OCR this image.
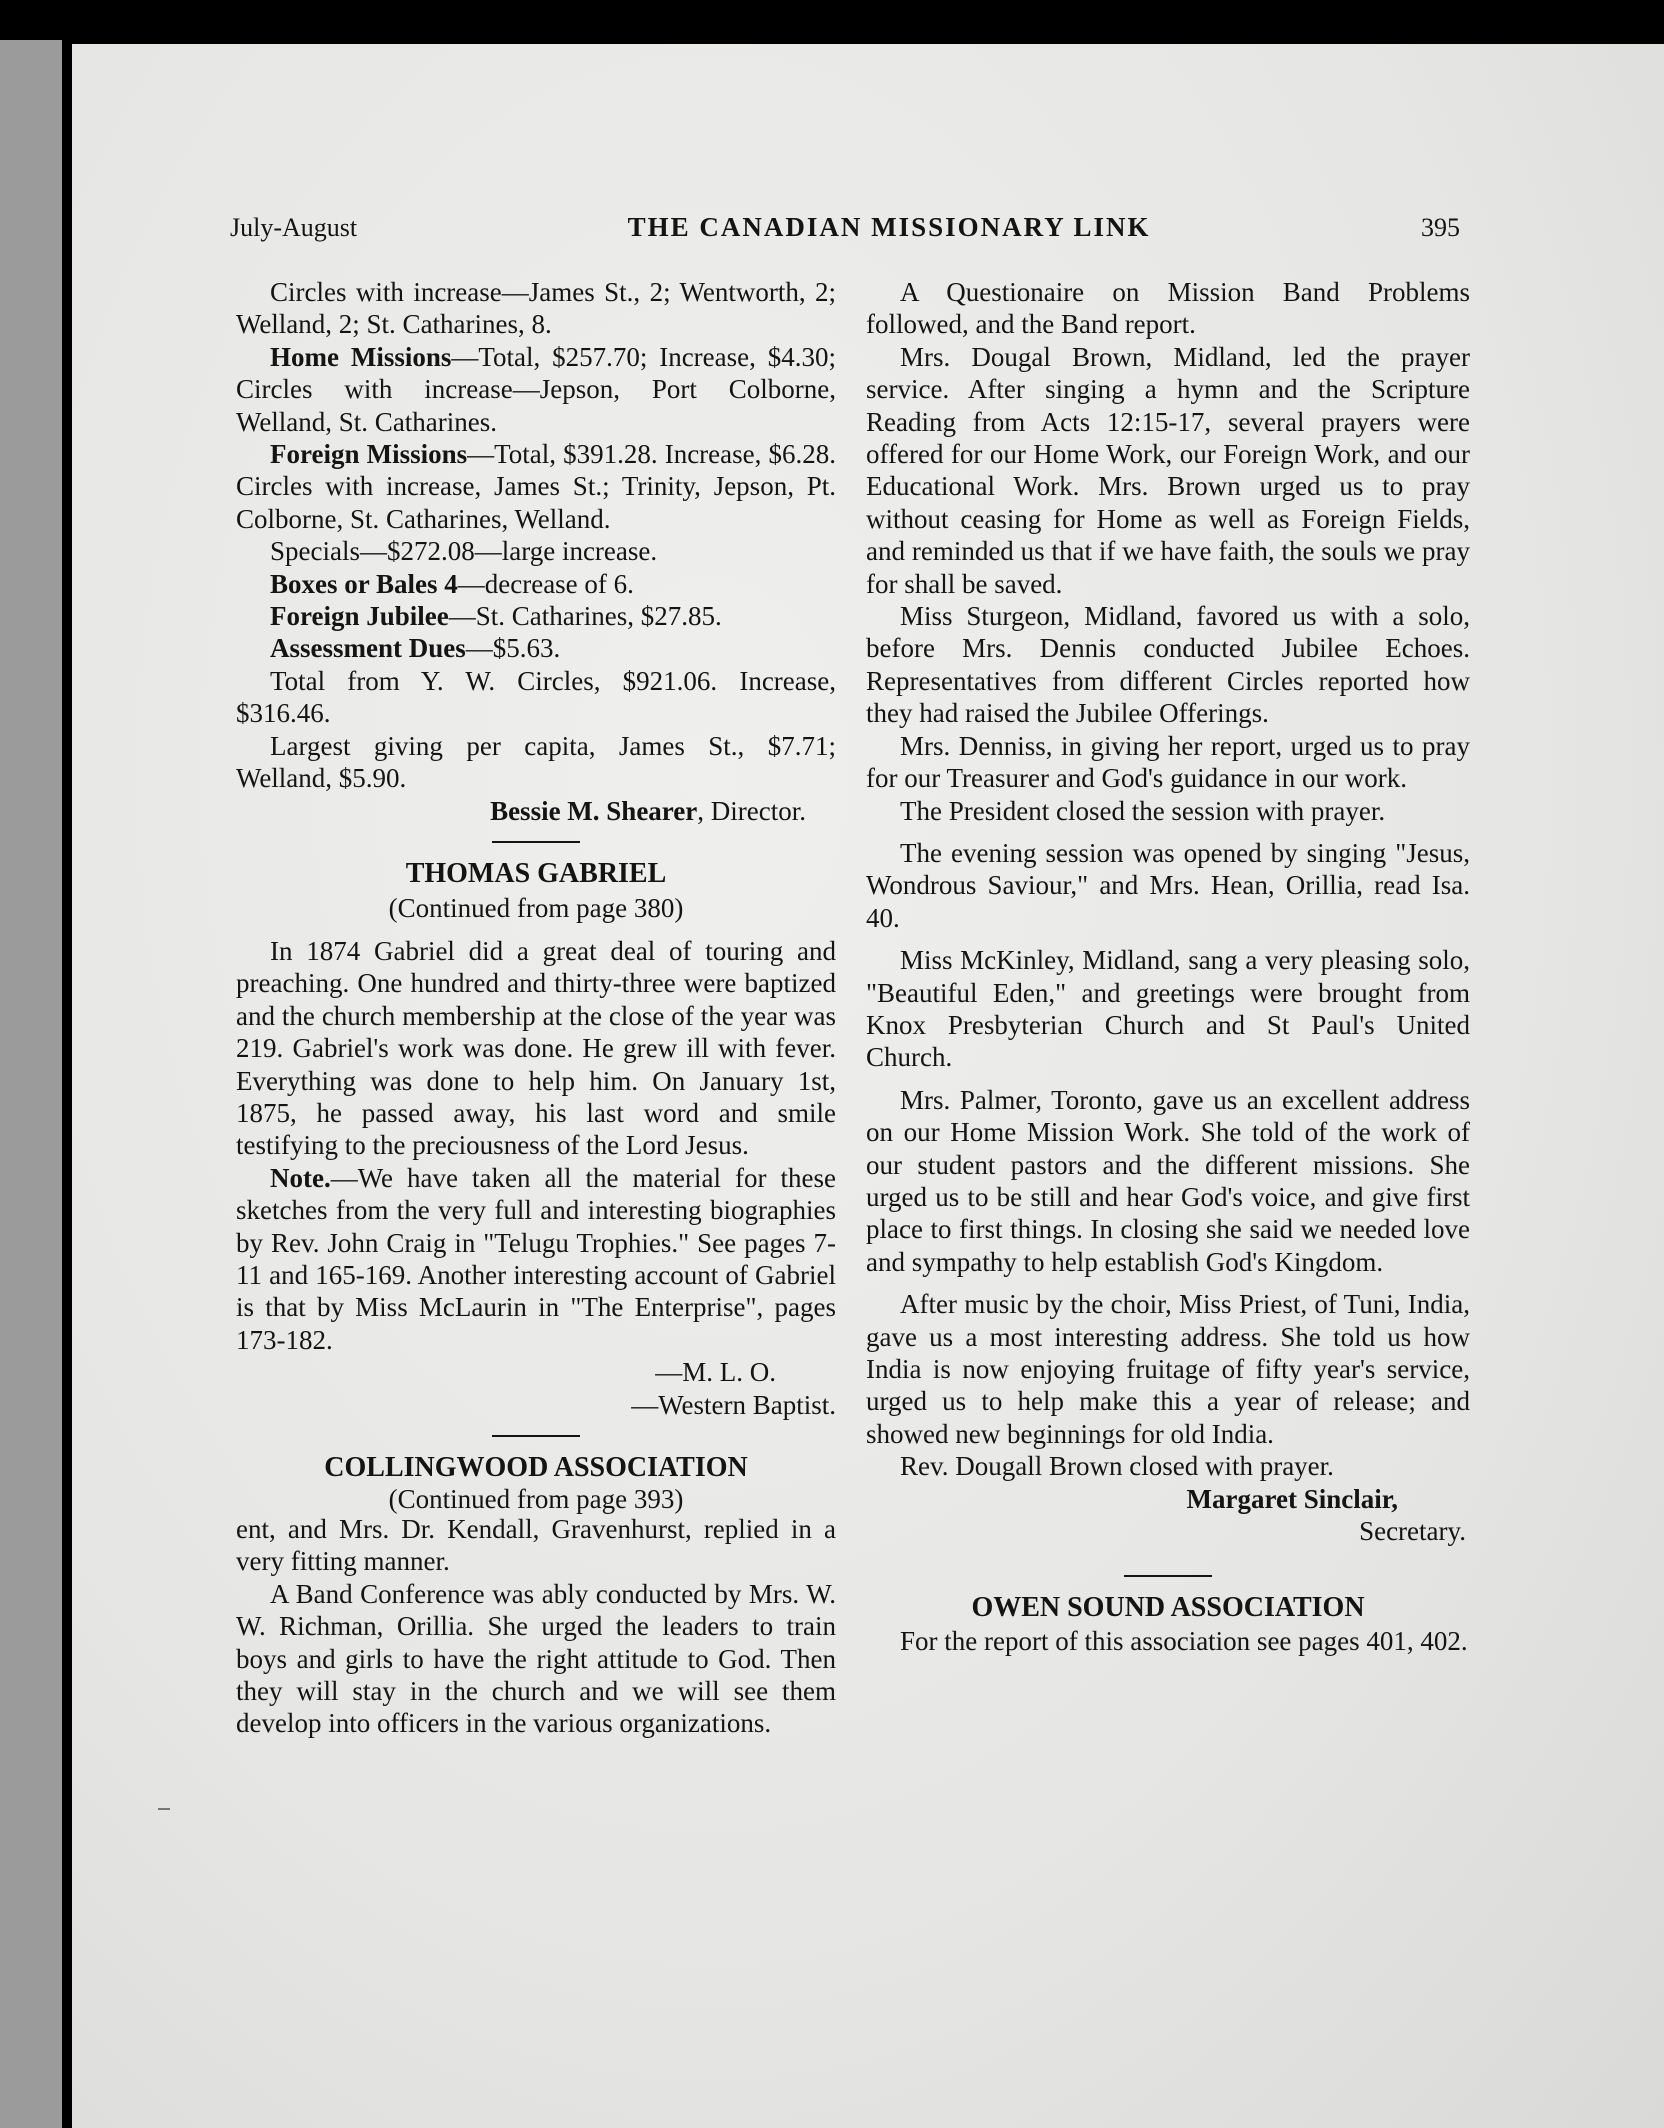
July-August	THE CANADIAN MISSIONARY LINK	395

Circles with increase—James St., 2; Wentworth, 2; Welland, 2; St. Catharines, 8.

Home Missions—Total, $257.70; Increase, $4.30; Circles with increase—Jepson, Port Colborne, Welland, St. Catharines.

Foreign Missions—Total, $391.28. Increase, $6.28. Circles with increase, James St.; Trinity, Jepson, Pt. Colborne, St. Catharines, Welland.

Specials—$272.08—large increase.

Boxes or Bales 4—decrease of 6.

Foreign Jubilee—St. Catharines, $27.85.

Assessment Dues—$5.63.

Total from Y. W. Circles, $921.06. Increase, $316.46.

Largest giving per capita, James St., $7.71; Welland, $5.90.

Bessie M. Shearer, Director.

THOMAS GABRIEL
(Continued from page 380)

In 1874 Gabriel did a great deal of touring and preaching. One hundred and thirty-three were baptized and the church membership at the close of the year was 219. Gabriel's work was done. He grew ill with fever. Everything was done to help him. On January 1st, 1875, he passed away, his last word and smile testifying to the preciousness of the Lord Jesus.

Note.—We have taken all the material for these sketches from the very full and interesting biographies by Rev. John Craig in "Telugu Trophies." See pages 7-11 and 165-169. Another interesting account of Gabriel is that by Miss McLaurin in "The Enterprise", pages 173-182.

—M. L. O.

—Western Baptist.

COLLINGWOOD ASSOCIATION
(Continued from page 393)

ent, and Mrs. Dr. Kendall, Gravenhurst, replied in a very fitting manner.

A Band Conference was ably conducted by Mrs. W. W. Richman, Orillia. She urged the leaders to train boys and girls to have the right attitude to God. Then they will stay in the church and we will see them develop into officers in the various organizations.

A Questionaire on Mission Band Problems followed, and the Band report.

Mrs. Dougal Brown, Midland, led the prayer service. After singing a hymn and the Scripture Reading from Acts 12:15-17, several prayers were offered for our Home Work, our Foreign Work, and our Educational Work. Mrs. Brown urged us to pray without ceasing for Home as well as Foreign Fields, and reminded us that if we have faith, the souls we pray for shall be saved.

Miss Sturgeon, Midland, favored us with a solo, before Mrs. Dennis conducted Jubilee Echoes. Representatives from different Circles reported how they had raised the Jubilee Offerings.

Mrs. Denniss, in giving her report, urged us to pray for our Treasurer and God's guidance in our work.

The President closed the session with prayer.

The evening session was opened by singing "Jesus, Wondrous Saviour," and Mrs. Hean, Orillia, read Isa. 40.

Miss McKinley, Midland, sang a very pleasing solo, "Beautiful Eden," and greetings were brought from Knox Presbyterian Church and St Paul's United Church.

Mrs. Palmer, Toronto, gave us an excellent address on our Home Mission Work. She told of the work of our student pastors and the different missions. She urged us to be still and hear God's voice, and give first place to first things. In closing she said we needed love and sympathy to help establish God's Kingdom.

After music by the choir, Miss Priest, of Tuni, India, gave us a most interesting address. She told us how India is now enjoying fruitage of fifty year's service, urged us to help make this a year of release; and showed new beginnings for old India.

Rev. Dougall Brown closed with prayer.

Margaret Sinclair,

Secretary.

OWEN SOUND ASSOCIATION

For the report of this association see pages 401, 402.
